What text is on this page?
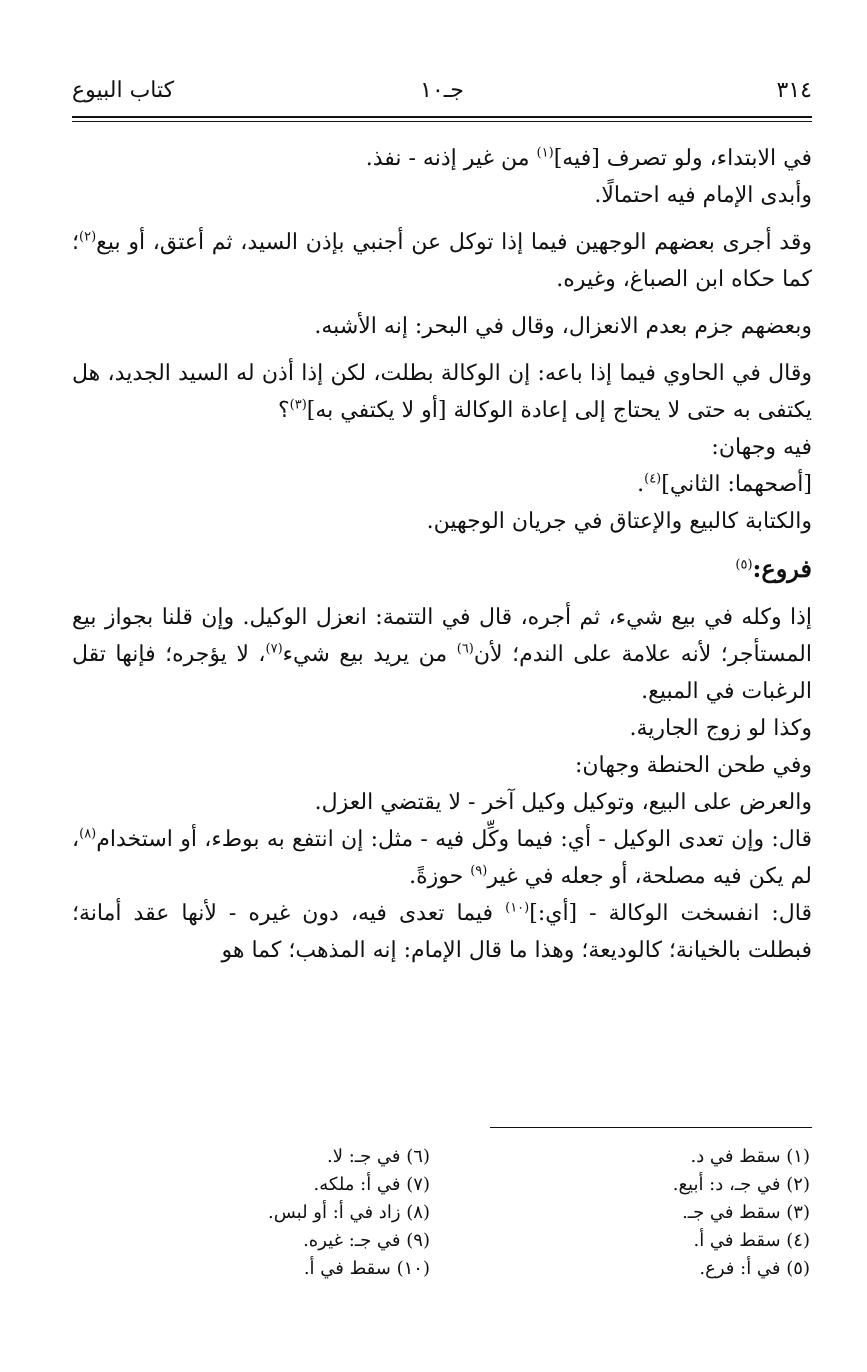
٣١٤
جـ١٠
كتاب البيوع

في الابتداء، ولو تصرف [فيه]$^{(١)}$ من غير إذنه - نفذ.

وأبدى الإمام فيه احتمالًا.

وقد أجرى بعضهم الوجهين فيما إذا توكل عن أجنبي بإذن السيد، ثم أعتق، أو بيع$^{(٢)}$؛ كما حكاه ابن الصباغ، وغيره.

وبعضهم جزم بعدم الانعزال، وقال في البحر: إنه الأشبه.

وقال في الحاوي فيما إذا باعه: إن الوكالة بطلت، لكن إذا أذن له السيد الجديد، هل يكتفى به حتى لا يحتاج إلى إعادة الوكالة [أو لا يكتفي به]$^{(٣)}$؟

فيه وجهان:

[أصحهما: الثاني]$^{(٤)}$.

والكتابة كالبيع والإعتاق في جريان الوجهين.

فروع:$^{(٥)}$

إذا وكله في بيع شيء، ثم أجره، قال في التتمة: انعزل الوكيل. وإن قلنا بجواز بيع المستأجر؛ لأنه علامة على الندم؛ لأن$^{(٦)}$ من يريد بيع شيء$^{(٧)}$، لا يؤجره؛ فإنها تقل الرغبات في المبيع.

وكذا لو زوج الجارية.

وفي طحن الحنطة وجهان:

والعرض على البيع، وتوكيل وكيل آخر - لا يقتضي العزل.

قال: وإن تعدى الوكيل - أي: فيما وكِّل فيه - مثل: إن انتفع به بوطء، أو استخدام$^{(٨)}$، لم يكن فيه مصلحة، أو جعله في غير$^{(٩)}$ حوزةً.

قال: انفسخت الوكالة - [أي:]$^{(١٠)}$ فيما تعدى فيه، دون غيره - لأنها عقد أمانة؛ فبطلت بالخيانة؛ كالوديعة؛ وهذا ما قال الإمام: إنه المذهب؛ كما هو

(١) سقط في د.

(٢) في جـ، د: أبيع.

(٣) سقط في جـ.

(٤) سقط في أ.

(٥) في أ: فرع.

(٦) في جـ: لا.

(٧) في أ: ملكه.

(٨) زاد في أ: أو لبس.

(٩) في جـ: غيره.

(١٠) سقط في أ.
